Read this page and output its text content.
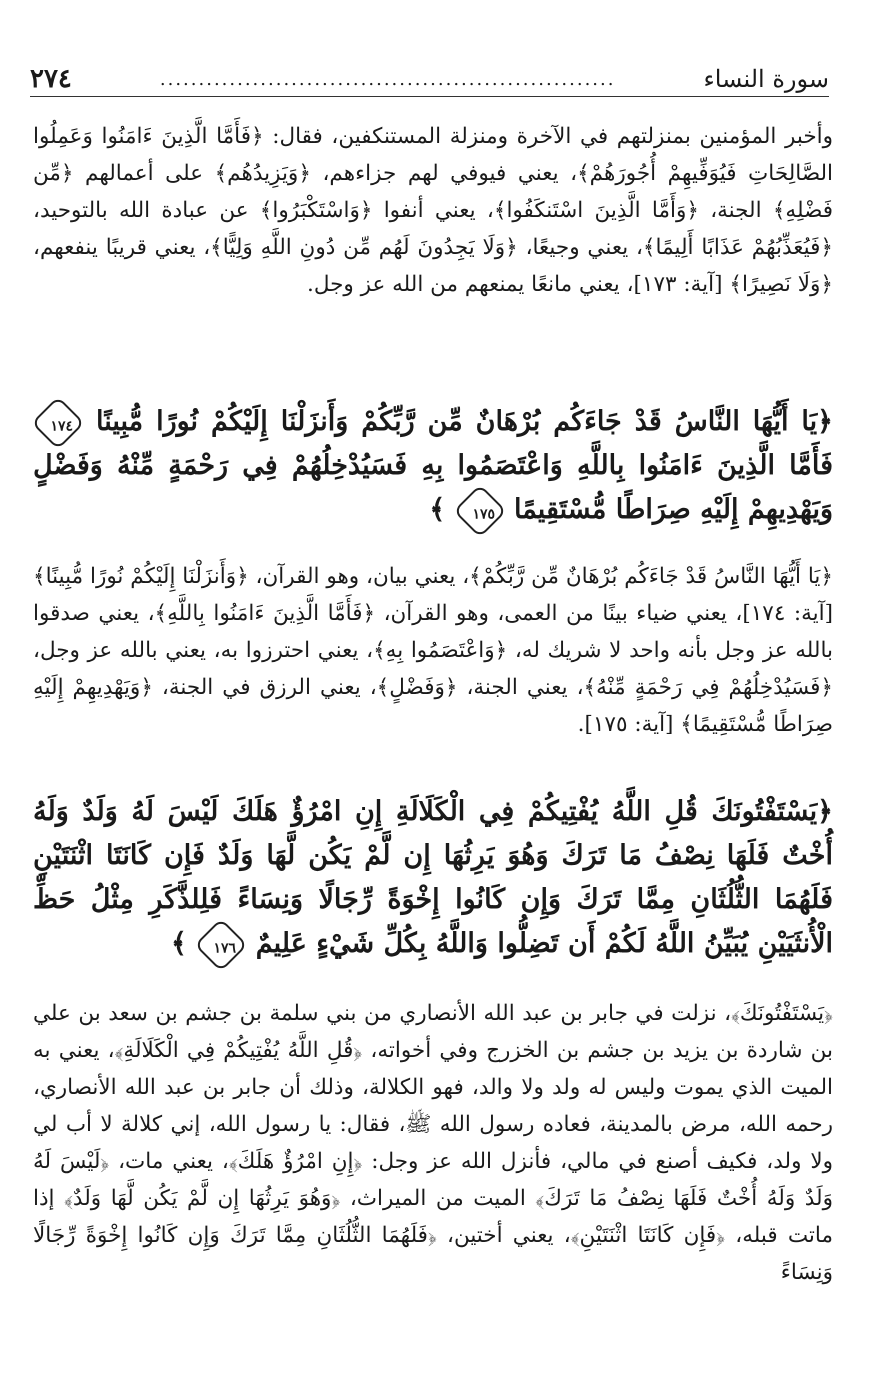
سورة النساء
...........................................................
٢٧٤
وأخبر المؤمنين بمنزلتهم في الآخرة ومنزلة المستنكفين، فقال: ﴿فَأَمَّا الَّذِينَ ءَامَنُوا وَعَمِلُوا الصَّالِحَاتِ فَيُوَفِّيهِمْ أُجُورَهُمْ﴾، يعني فيوفي لهم جزاءهم، ﴿وَيَزِيدُهُم﴾ على أعمالهم ﴿مِّن فَضْلِهِ﴾ الجنة، ﴿وَأَمَّا الَّذِينَ اسْتَنكَفُوا﴾، يعني أنفوا ﴿وَاسْتَكْبَرُوا﴾ عن عبادة الله بالتوحيد، ﴿فَيُعَذِّبُهُمْ عَذَابًا أَلِيمًا﴾، يعني وجيعًا، ﴿وَلَا يَجِدُونَ لَهُم مِّن دُونِ اللَّهِ وَلِيًّا﴾، يعني قريبًا ينفعهم، ﴿وَلَا نَصِيرًا﴾ [آية: ١٧٣]، يعني مانعًا يمنعهم من الله عز وجل.
﴿يَا أَيُّهَا النَّاسُ قَدْ جَاءَكُم بُرْهَانٌ مِّن رَّبِّكُمْ وَأَنزَلْنَا إِلَيْكُمْ نُورًا مُّبِينًا ١٧٤ فَأَمَّا الَّذِينَ ءَامَنُوا بِاللَّهِ وَاعْتَصَمُوا بِهِ فَسَيُدْخِلُهُمْ فِي رَحْمَةٍ مِّنْهُ وَفَضْلٍ وَيَهْدِيهِمْ إِلَيْهِ صِرَاطًا مُّسْتَقِيمًا ١٧٥ ﴾
﴿يَا أَيُّهَا النَّاسُ قَدْ جَاءَكُم بُرْهَانٌ مِّن رَّبِّكُمْ﴾، يعني بيان، وهو القرآن، ﴿وَأَنزَلْنَا إِلَيْكُمْ نُورًا مُّبِينًا﴾ [آية: ١٧٤]، يعني ضياء بينًا من العمى، وهو القرآن، ﴿فَأَمَّا الَّذِينَ ءَامَنُوا بِاللَّهِ﴾، يعني صدقوا بالله عز وجل بأنه واحد لا شريك له، ﴿وَاعْتَصَمُوا بِهِ﴾، يعني احترزوا به، يعني بالله عز وجل، ﴿فَسَيُدْخِلُهُمْ فِي رَحْمَةٍ مِّنْهُ﴾، يعني الجنة، ﴿وَفَضْلٍ﴾، يعني الرزق في الجنة، ﴿وَيَهْدِيهِمْ إِلَيْهِ صِرَاطًا مُّسْتَقِيمًا﴾ [آية: ١٧٥].
﴿يَسْتَفْتُونَكَ قُلِ اللَّهُ يُفْتِيكُمْ فِي الْكَلَالَةِ إِنِ امْرُؤٌ هَلَكَ لَيْسَ لَهُ وَلَدٌ وَلَهُ أُخْتٌ فَلَهَا نِصْفُ مَا تَرَكَ وَهُوَ يَرِثُهَا إِن لَّمْ يَكُن لَّهَا وَلَدٌ فَإِن كَانَتَا اثْنَتَيْنِ فَلَهُمَا الثُّلُثَانِ مِمَّا تَرَكَ وَإِن كَانُوا إِخْوَةً رِّجَالًا وَنِسَاءً فَلِلذَّكَرِ مِثْلُ حَظِّ الْأُنثَيَيْنِ يُبَيِّنُ اللَّهُ لَكُمْ أَن تَضِلُّوا وَاللَّهُ بِكُلِّ شَيْءٍ عَلِيمٌ ١٧٦ ﴾
﴿يَسْتَفْتُونَكَ﴾، نزلت في جابر بن عبد الله الأنصاري من بني سلمة بن جشم بن سعد بن علي بن شاردة بن يزيد بن جشم بن الخزرج وفي أخواته، ﴿قُلِ اللَّهُ يُفْتِيكُمْ فِي الْكَلَالَةِ﴾، يعني به الميت الذي يموت وليس له ولد ولا والد، فهو الكلالة، وذلك أن جابر بن عبد الله الأنصاري، رحمه الله، مرض بالمدينة، فعاده رسول الله ﷺ، فقال: يا رسول الله، إني كلالة لا أب لي ولا ولد، فكيف أصنع في مالي، فأنزل الله عز وجل: ﴿إِنِ امْرُؤٌ هَلَكَ﴾، يعني مات، ﴿لَيْسَ لَهُ وَلَدٌ وَلَهُ أُخْتٌ فَلَهَا نِصْفُ مَا تَرَكَ﴾ الميت من الميراث، ﴿وَهُوَ يَرِثُهَا إِن لَّمْ يَكُن لَّهَا وَلَدٌ﴾ إذا ماتت قبله، ﴿فَإِن كَانَتَا اثْنَتَيْنِ﴾، يعني أختين، ﴿فَلَهُمَا الثُّلُثَانِ مِمَّا تَرَكَ وَإِن كَانُوا إِخْوَةً رِّجَالًا وَنِسَاءً
